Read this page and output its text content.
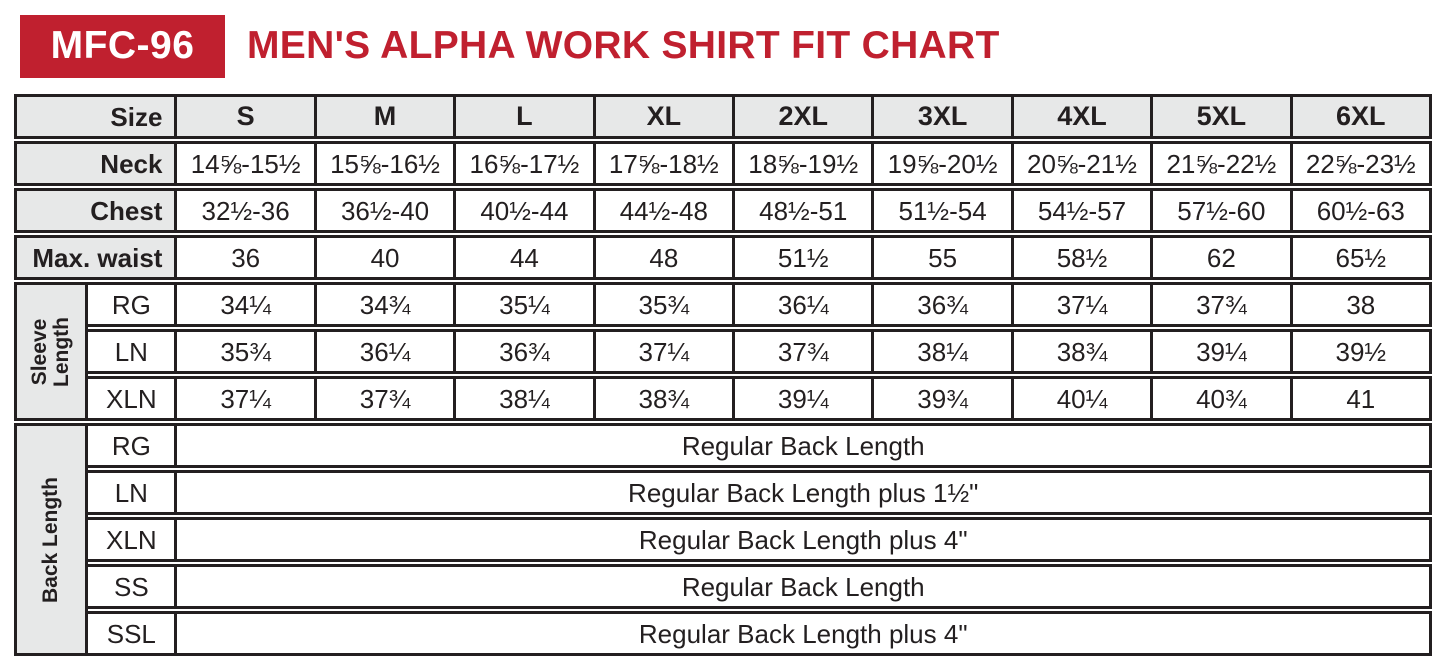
MFC-96	MEN'S ALPHA WORK SHIRT FIT CHART
Size		S	M	L	XL	2XL	3XL	4XL	5XL	6XL
Neck		14⅝-15½	15⅝-16½	16⅝-17½	17⅝-18½	18⅝-19½	19⅝-20½	20⅝-21½	21⅝-22½	22⅝-23½
Chest		32½-36	36½-40	40½-44	44½-48	48½-51	51½-54	54½-57	57½-60	60½-63
Max. waist		36	40	44	48	51½	55	58½	62	65½

Sleeve Length	RG	34¼	34¾	35¼	35¾	36¼	36¾	37¼	37¾	38
	LN	35¾	36¼	36¾	37¼	37¾	38¼	38¾	39¼	39½
	XLN	37¼	37¾	38¼	38¾	39¼	39¾	40¼	40¾	41

Back Length	RG	Regular Back Length								
	LN	Regular Back Length plus 1½"								
	XLN	Regular Back Length plus 4"								
	SS	Regular Back Length								
	SSL	Regular Back Length plus 4"								
